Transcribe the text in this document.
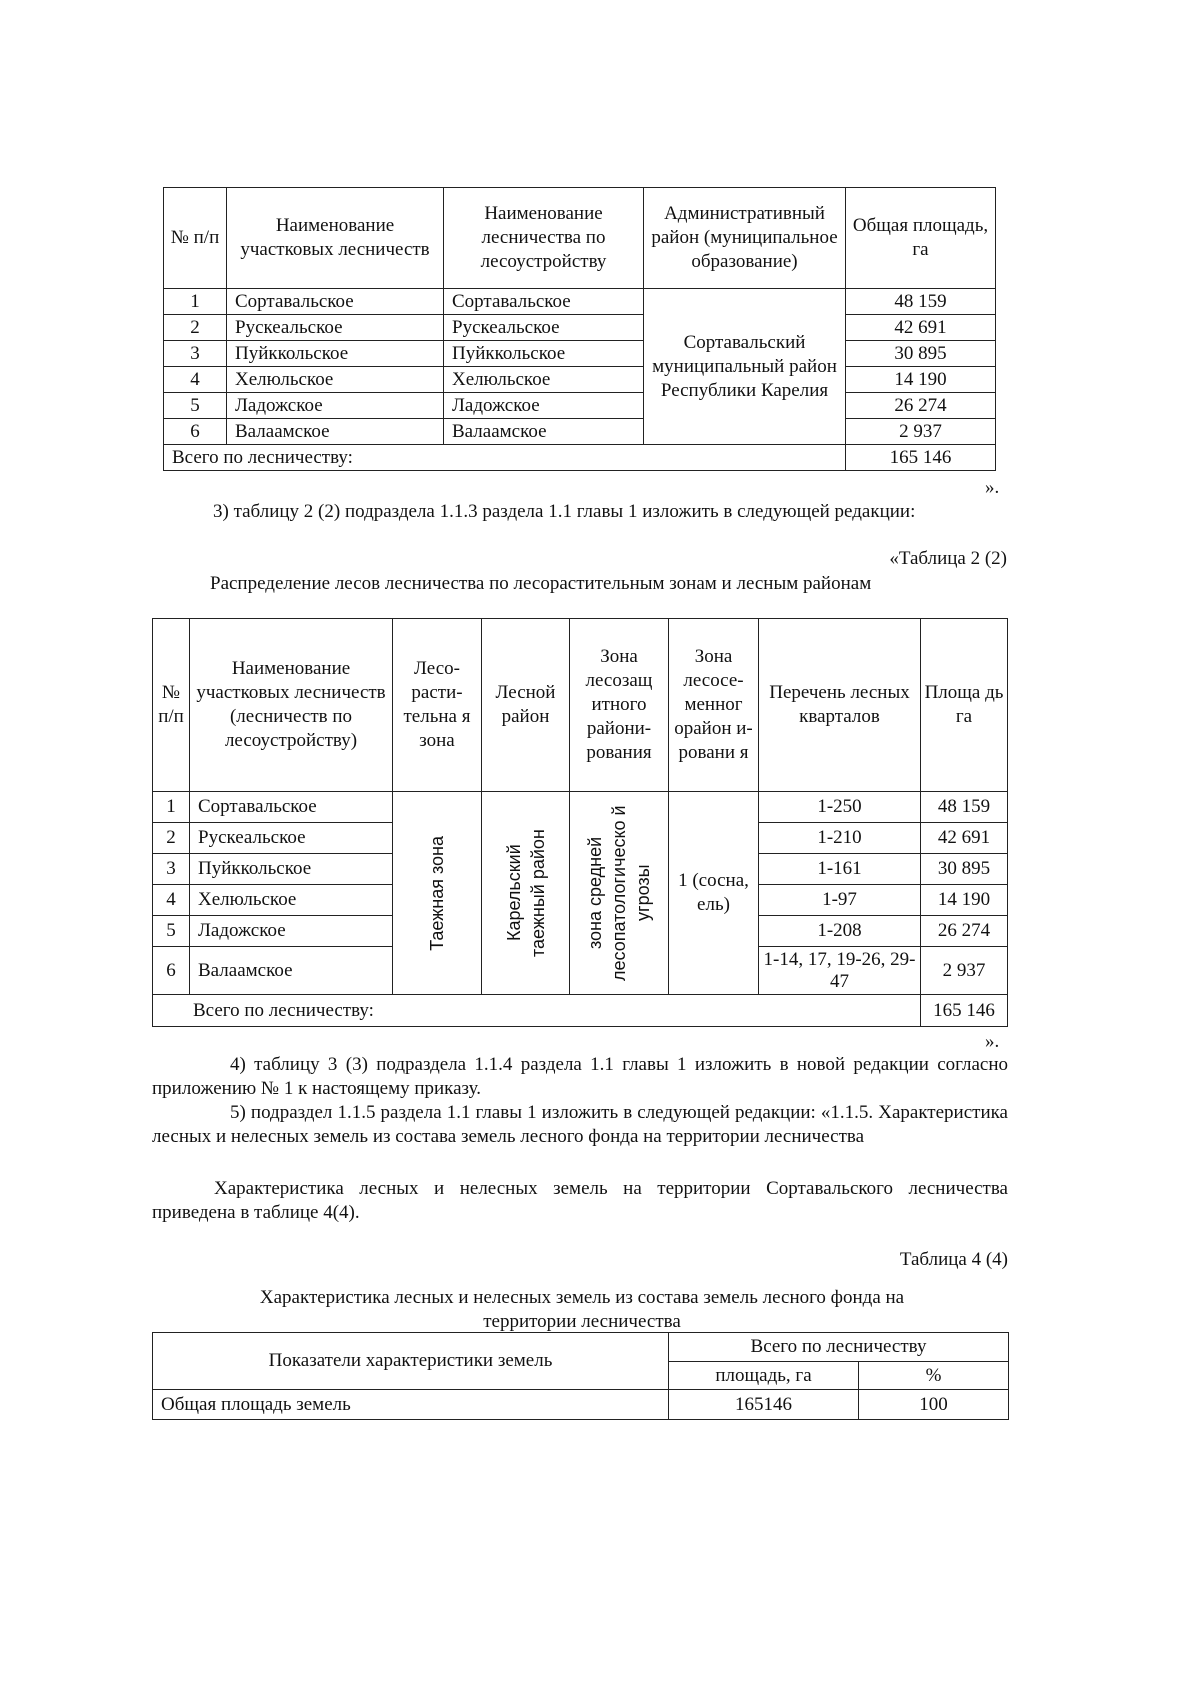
№ п/п	Наименование участковых лесничеств	Наименование лесничества по лесоустройству	Административный район (муниципальное образование)	Общая площадь, га
1	Сортавальское	Сортавальское	Сортавальский муниципальный район Республики Карелия	48 159
2	Рускеальское	Рускеальское		42 691
3	Пуйккольское	Пуйккольское		30 895
4	Хелюльское	Хелюльское		14 190
5	Ладожское	Ладожское		26 274
6	Валаамское	Валаамское		2 937
Всего по лесничеству:				165 146
».
3) таблицу 2 (2) подраздела 1.1.3 раздела 1.1 главы 1 изложить в следующей редакции:
«Таблица 2 (2)
Распределение лесов лесничества по лесорастительным зонам и лесным районам
№ п/п	Наименование участковых лесничеств (лесничеств по лесоустройству)	Лесо-расти-тельна я зона	Лесной район	Зона лесозащ итного райони-рования	Зона лесосе-менног орайон и-ровани я	Перечень лесных кварталов	Площа дь га
1	Сортавальское	Таежная зона	Карельский таежный район	зона средней лесопатологическо й угрозы	1 (сосна, ель)	1-250	48 159
2	Рускеальское					1-210	42 691
3	Пуйккольское					1-161	30 895
4	Хелюльское					1-97	14 190
5	Ладожское					1-208	26 274
6	Валаамское					1-14, 17, 19-26, 29-47	2 937
Всего по лесничеству:							165 146
».
4) таблицу 3 (3) подраздела 1.1.4 раздела 1.1 главы 1 изложить в новой редакции согласно приложению № 1 к настоящему приказу.
5) подраздел 1.1.5 раздела 1.1 главы 1 изложить в следующей редакции: «1.1.5. Характеристика лесных и нелесных земель из состава земель лесного фонда на территории лесничества
Характеристика лесных и нелесных земель на территории Сортавальского лесничества приведена в таблице 4(4).
Таблица 4 (4)
Характеристика лесных и нелесных земель из состава земель лесного фонда на территории лесничества
Показатели характеристики земель	Всего по лесничеству	
	площадь, га	%
Общая площадь земель	165146	100
